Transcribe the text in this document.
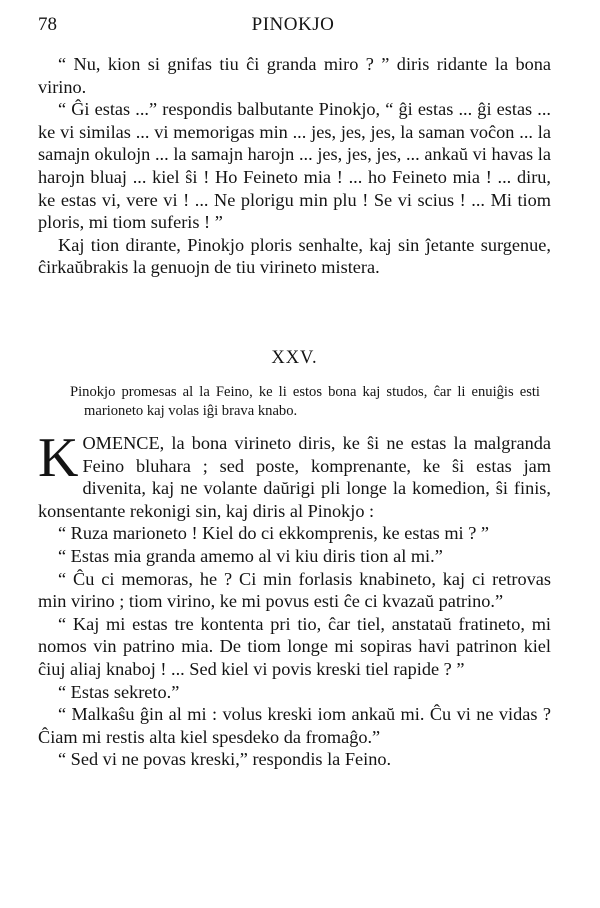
78	PINOKJO

“ Nu, kion si gnifas tiu ĉi granda miro ? ” diris ridante la bona virino.

“ Ĝi estas ...” respondis balbutante Pinokjo, “ ĝi estas ... ĝi estas ... ke vi similas ... vi memorigas min ... jes, jes, jes, la saman voĉon ... la samajn okulojn ... la samajn harojn ... jes, jes, jes, ... ankaŭ vi havas la harojn bluaj ... kiel ŝi ! Ho Feineto mia ! ... ho Feineto mia ! ... diru, ke estas vi, vere vi ! ... Ne plorigu min plu ! Se vi scius ! ... Mi tiom ploris, mi tiom suferis ! ”

Kaj tion dirante, Pinokjo ploris senhalte, kaj sin ĵetante surgenue, ĉirkaŭbrakis la genuojn de tiu virineto mistera.

XXV.

Pinokjo promesas al la Feino, ke li estos bona kaj studos, ĉar li enuiĝis esti marioneto kaj volas iĝi brava knabo.

KOMENCE, la bona virineto diris, ke ŝi ne estas la malgranda Feino bluhara ; sed poste, komprenante, ke ŝi estas jam divenita, kaj ne volante daŭrigi pli longe la komedion, ŝi finis, konsentante rekonigi sin, kaj diris al Pinokjo :

“ Ruza marioneto ! Kiel do ci ekkomprenis, ke estas mi ? ”

“ Estas mia granda amemo al vi kiu diris tion al mi.”

“ Ĉu ci memoras, he ? Ci min forlasis knabineto, kaj ci retrovas min virino ; tiom virino, ke mi povus esti ĉe ci kvazaŭ patrino.”

“ Kaj mi estas tre kontenta pri tio, ĉar tiel, anstataŭ fratineto, mi nomos vin patrino mia. De tiom longe mi sopiras havi patrinon kiel ĉiuj aliaj knaboj ! ... Sed kiel vi povis kreski tiel rapide ? ”

“ Estas sekreto.”

“ Malkaŝu ĝin al mi : volus kreski iom ankaŭ mi. Ĉu vi ne vidas ? Ĉiam mi restis alta kiel spesdeko da fromaĝo.”

“ Sed vi ne povas kreski,” respondis la Feino.
